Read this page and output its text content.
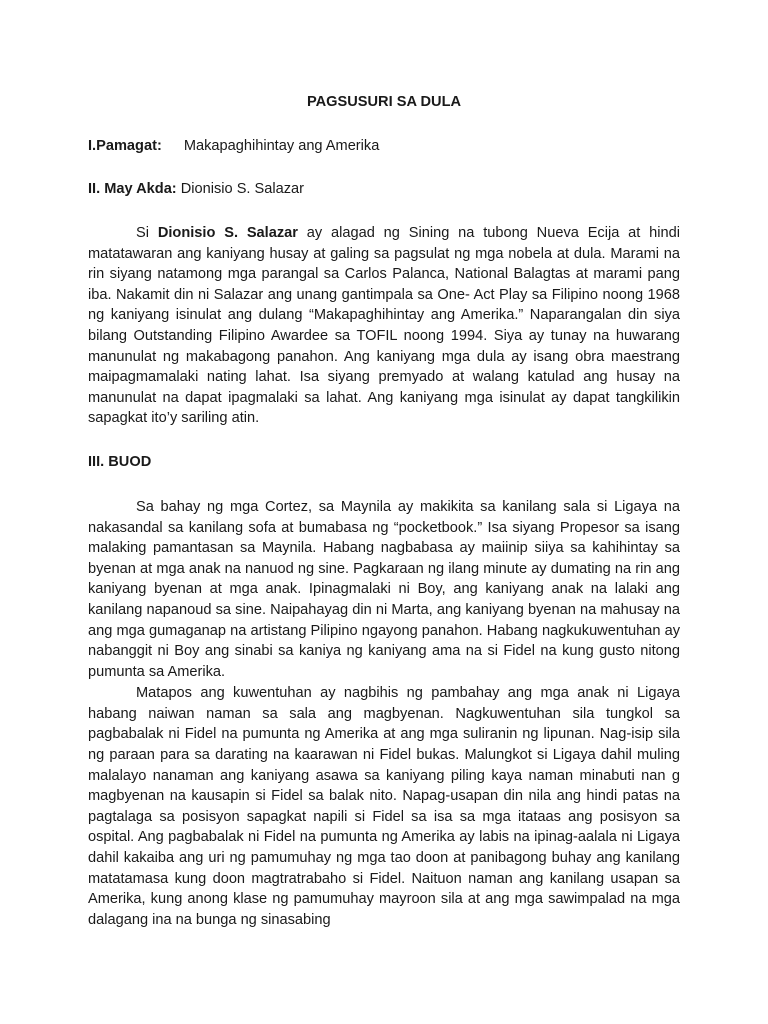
PAGSUSURI SA DULA

I.Pamagat: Makapaghihintay ang Amerika

II. May Akda: Dionisio S. Salazar

Si Dionisio S. Salazar ay alagad ng Sining na tubong Nueva Ecija at hindi matatawaran ang kaniyang husay at galing sa pagsulat ng mga nobela at dula. Marami na rin siyang natamong mga parangal sa Carlos Palanca, National Balagtas at marami pang iba. Nakamit din ni Salazar ang unang gantimpala sa One- Act Play sa Filipino noong 1968 ng kaniyang isinulat ang dulang “Makapaghihintay ang Amerika.” Naparangalan din siya bilang Outstanding Filipino Awardee sa TOFIL noong 1994. Siya ay tunay na huwarang manunulat ng makabagong panahon. Ang kaniyang mga dula ay isang obra maestrang maipagmamalaki nating lahat. Isa siyang premyado at walang katulad ang husay na manunulat na dapat ipagmalaki sa lahat. Ang kaniyang mga isinulat ay dapat tangkilikin sapagkat ito’y sariling atin.

III. BUOD

Sa bahay ng mga Cortez, sa Maynila ay makikita sa kanilang sala si Ligaya na nakasandal sa kanilang sofa at bumabasa ng “pocketbook.” Isa siyang Propesor sa isang malaking pamantasan sa Maynila. Habang nagbabasa ay maiinip siiya sa kahihintay sa byenan at mga anak na nanuod ng sine. Pagkaraan ng ilang minute ay dumating na rin ang kaniyang byenan at mga anak. Ipinagmalaki ni Boy, ang kaniyang anak na lalaki ang kanilang napanoud sa sine. Naipahayag din ni Marta, ang kaniyang byenan na mahusay na ang mga gumaganap na artistang Pilipino ngayong panahon. Habang nagkukuwentuhan ay nabanggit ni Boy ang sinabi sa kaniya ng kaniyang ama na si Fidel na kung gusto nitong pumunta sa Amerika.

Matapos ang kuwentuhan ay nagbihis ng pambahay ang mga anak ni Ligaya habang naiwan naman sa sala ang magbyenan. Nagkuwentuhan sila tungkol sa pagbabalak ni Fidel na pumunta ng Amerika at ang mga suliranin ng lipunan. Nag-isip sila ng paraan para sa darating na kaarawan ni Fidel bukas. Malungkot si Ligaya dahil muling malalayo nanaman ang kaniyang asawa sa kaniyang piling kaya naman minabuti nan g magbyenan na kausapin si Fidel sa balak nito. Napag-usapan din nila ang hindi patas na pagtalaga sa posisyon sapagkat napili si Fidel sa isa sa mga itataas ang posisyon sa ospital. Ang pagbabalak ni Fidel na pumunta ng Amerika ay labis na ipinag-aalala ni Ligaya dahil kakaiba ang uri ng pamumuhay ng mga tao doon at panibagong buhay ang kanilang matatamasa kung doon magtratrabaho si Fidel. Naituon naman ang kanilang usapan sa Amerika, kung anong klase ng pamumuhay mayroon sila at ang mga sawimpalad na mga dalagang ina na bunga ng sinasabing
